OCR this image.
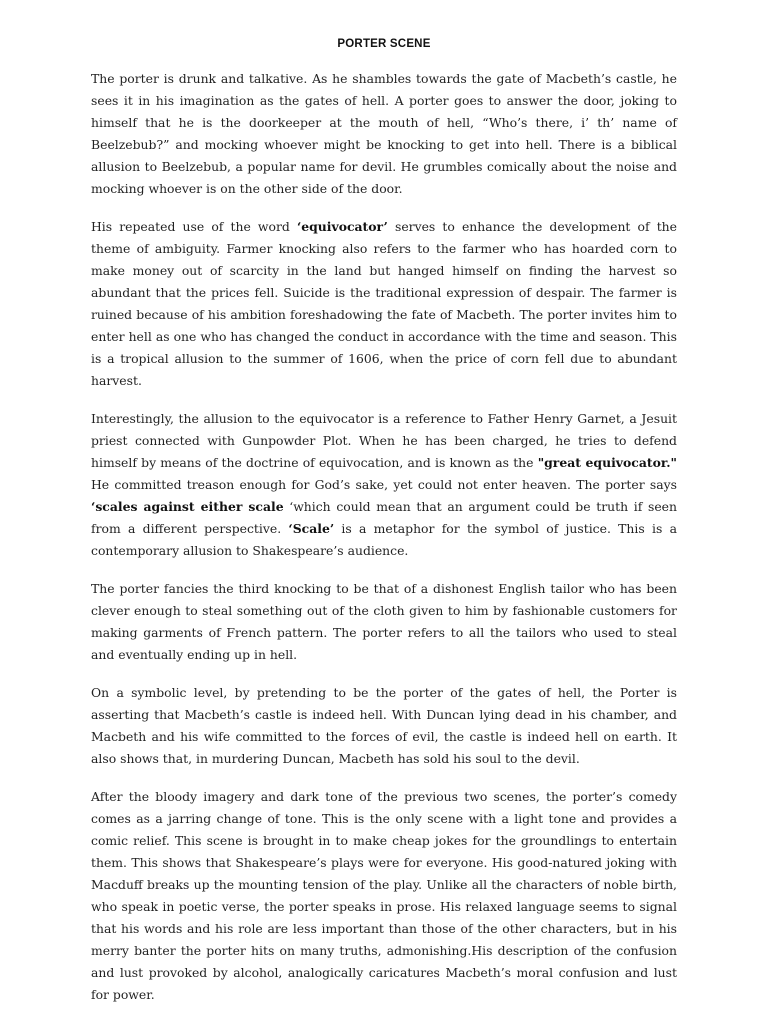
PORTER SCENE

The porter is drunk and talkative. As he shambles towards the gate of Macbeth’s castle, he sees it in his imagination as the gates of hell. A porter goes to answer the door, joking to himself that he is the doorkeeper at the mouth of hell, “Who’s there, i’ th’ name of Beelzebub?” and mocking whoever might be knocking to get into hell. There is a biblical allusion to Beelzebub, a popular name for devil. He grumbles comically about the noise and mocking whoever is on the other side of the door.

His repeated use of the word ‘equivocator’ serves to enhance the development of the theme of ambiguity. Farmer knocking also refers to the farmer who has hoarded corn to make money out of scarcity in the land but hanged himself on finding the harvest so abundant that the prices fell. Suicide is the traditional expression of despair. The farmer is ruined because of his ambition foreshadowing the fate of Macbeth. The porter invites him to enter hell as one who has changed the conduct in accordance with the time and season. This is a tropical allusion to the summer of 1606, when the price of corn fell due to abundant harvest.

Interestingly, the allusion to the equivocator is a reference to Father Henry Garnet, a Jesuit priest connected with Gunpowder Plot. When he has been charged, he tries to defend himself by means of the doctrine of equivocation, and is known as the "great equivocator." He committed treason enough for God’s sake, yet could not enter heaven. The porter says ‘scales against either scale ‘which could mean that an argument could be truth if seen from a different perspective. ‘Scale’ is a metaphor for the symbol of justice. This is a contemporary allusion to Shakespeare’s audience.

The porter fancies the third knocking to be that of a dishonest English tailor who has been clever enough to steal something out of the cloth given to him by fashionable customers for making garments of French pattern. The porter refers to all the tailors who used to steal and eventually ending up in hell.

On a symbolic level, by pretending to be the porter of the gates of hell, the Porter is asserting that Macbeth’s castle is indeed hell. With Duncan lying dead in his chamber, and Macbeth and his wife committed to the forces of evil, the castle is indeed hell on earth. It also shows that, in murdering Duncan, Macbeth has sold his soul to the devil.

After the bloody imagery and dark tone of the previous two scenes, the porter’s comedy comes as a jarring change of tone. This is the only scene with a light tone and provides a comic relief. This scene is brought in to make cheap jokes for the groundlings to entertain them. This shows that Shakespeare’s plays were for everyone. His good-natured joking with Macduff breaks up the mounting tension of the play. Unlike all the characters of noble birth, who speak in poetic verse, the porter speaks in prose. His relaxed language seems to signal that his words and his role are less important than those of the other characters, but in his merry banter the porter hits on many truths, admonishing.His description of the confusion and lust provoked by alcohol, analogically caricatures Macbeth’s moral confusion and lust for power.
